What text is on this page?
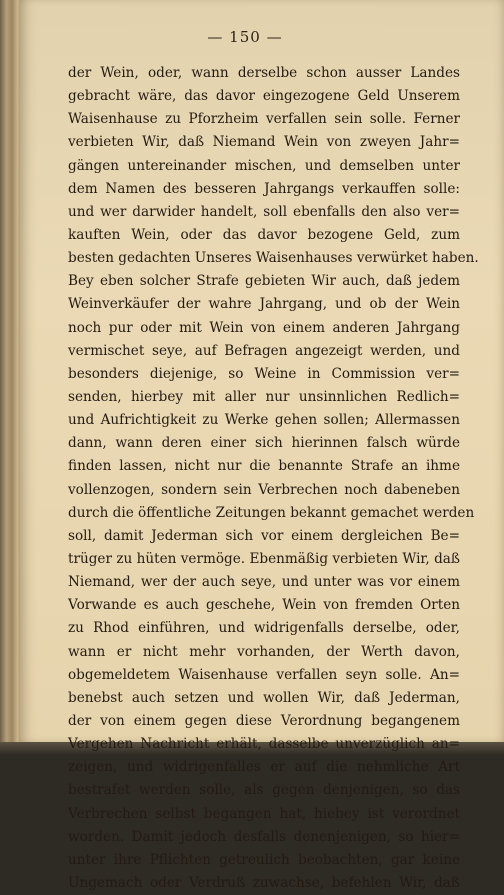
— 150 —
der Wein, oder, wann derselbe schon ausser Landes
gebracht wäre, das davor eingezogene Geld Unserem
Waisenhause zu Pforzheim verfallen sein solle. Ferner
verbieten Wir, daß Niemand Wein von zweyen Jahr=
gängen untereinander mischen, und demselben unter
dem Namen des besseren Jahrgangs verkauffen solle:
und wer darwider handelt, soll ebenfalls den also ver=
kauften Wein, oder das davor bezogene Geld, zum
besten gedachten Unseres Waisenhauses verwürket haben.
Bey eben solcher Strafe gebieten Wir auch, daß jedem
Weinverkäufer der wahre Jahrgang, und ob der Wein
noch pur oder mit Wein von einem anderen Jahrgang
vermischet seye, auf Befragen angezeigt werden, und
besonders diejenige, so Weine in Commission ver=
senden, hierbey mit aller nur unsinnlichen Redlich=
und Aufrichtigkeit zu Werke gehen sollen; Allermassen
dann, wann deren einer sich hierinnen falsch würde
finden lassen, nicht nur die benannte Strafe an ihme
vollenzogen, sondern sein Verbrechen noch dabeneben
durch die öffentliche Zeitungen bekannt gemachet werden
soll, damit Jederman sich vor einem dergleichen Be=
trüger zu hüten vermöge. Ebenmäßig verbieten Wir, daß
Niemand, wer der auch seye, und unter was vor einem
Vorwande es auch geschehe, Wein von fremden Orten
zu Rhod einführen, und widrigenfalls derselbe, oder,
wann er nicht mehr vorhanden, der Werth davon,
obgemeldetem Waisenhause verfallen seyn solle. An=
benebst auch setzen und wollen Wir, daß Jederman,
der von einem gegen diese Verordnung begangenem
Vergehen Nachricht erhält, dasselbe unverzüglich an=
zeigen, und widrigenfalles er auf die nehmliche Art
bestrafet werden solle, als gegen denjenigen, so das
Verbrechen selbst begangen hat, hiebey ist verordnet
worden. Damit jedoch desfalls denenjenigen, so hier=
unter ihre Pflichten getreulich beobachten, gar keine
Ungemach oder Verdruß zuwachse, befehlen Wir, daß
